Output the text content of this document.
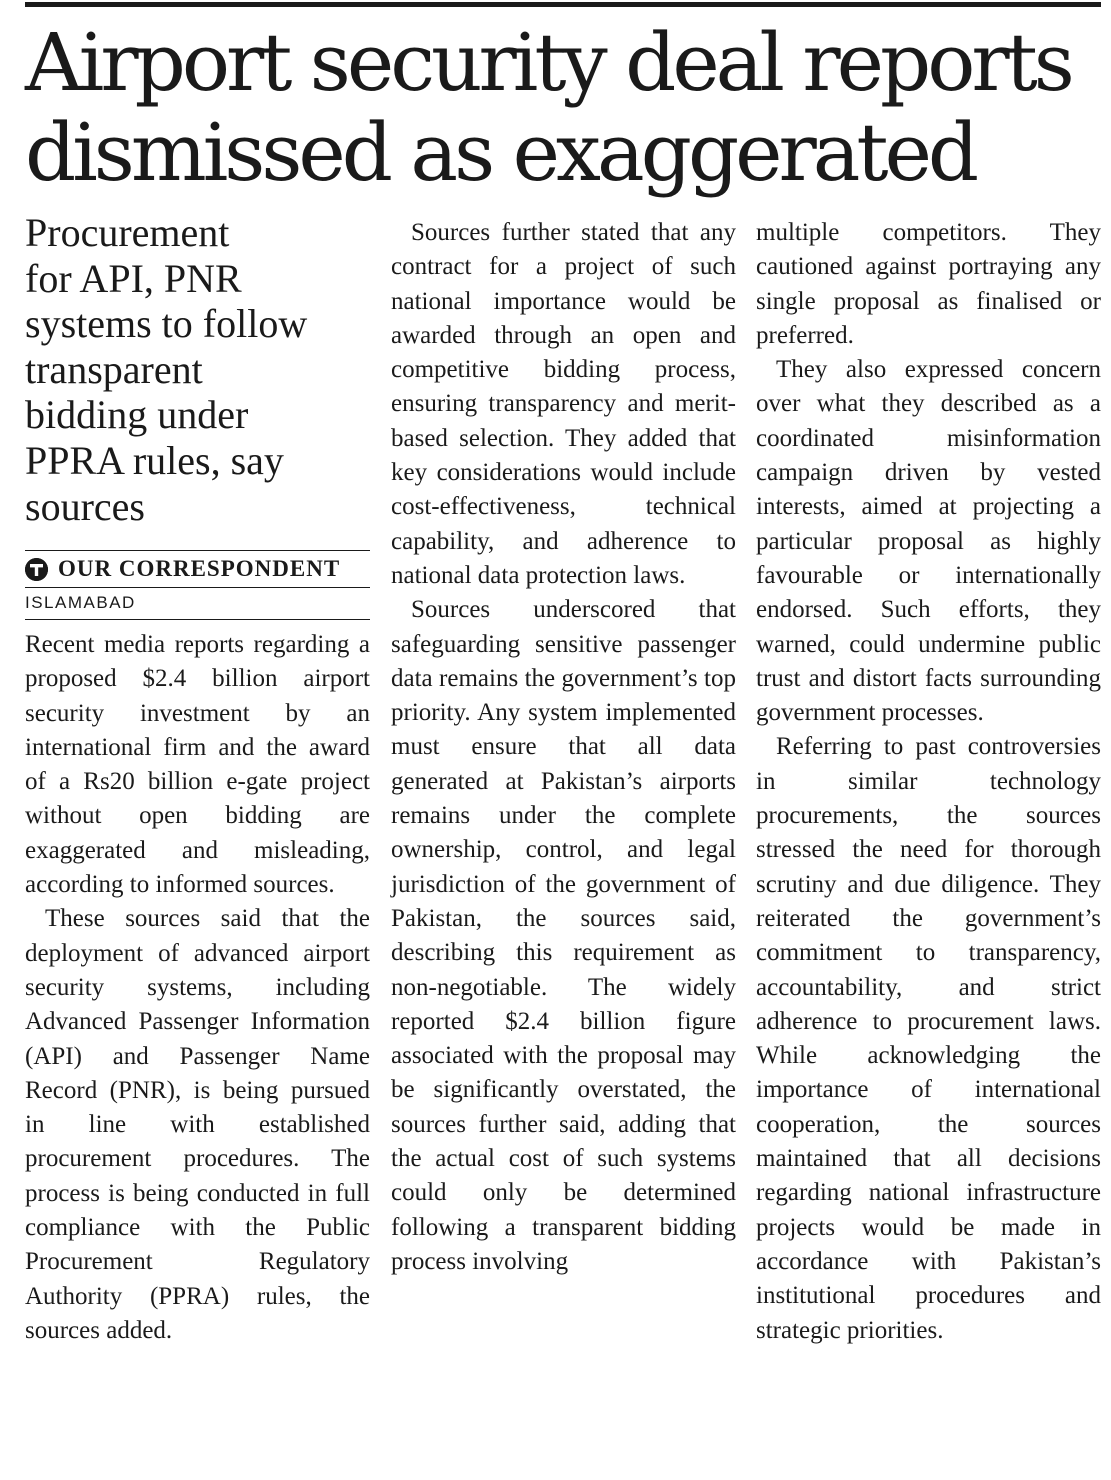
Airport security deal reports
dismissed as exaggerated
Procurement
for API, PNR
systems to follow
transparent
bidding under
PPRA rules, say
sources
OUR CORRESPONDENT
ISLAMABAD

Recent media reports regarding a proposed $2.4 billion airport security investment by an international firm and the award of a Rs20 billion e-gate project without open bidding are exaggerated and misleading, according to informed sources.

These sources said that the deployment of advanced airport security systems, including Advanced Passenger Information (API) and Passenger Name Record (PNR), is being pursued in line with established procurement procedures. The process is being conducted in full compliance with the Public Procurement Regulatory Authority (PPRA) rules, the sources added.

Sources further stated that any contract for a project of such national importance would be awarded through an open and competitive bidding process, ensuring transparency and merit-based selection. They added that key considerations would include cost-effectiveness, technical capability, and adherence to national data protection laws.

Sources underscored that safeguarding sensitive passenger data remains the government’s top priority. Any system implemented must ensure that all data generated at Pakistan’s airports remains under the complete ownership, control, and legal jurisdiction of the government of Pakistan, the sources said, describing this requirement as non-negotiable. The widely reported $2.4 billion figure associated with the proposal may be significantly overstated, the sources further said, adding that the actual cost of such systems could only be determined following a transparent bidding process involving

multiple competitors. They cautioned against portraying any single proposal as finalised or preferred.

They also expressed concern over what they described as a coordinated misinformation campaign driven by vested interests, aimed at projecting a particular proposal as highly favourable or internationally endorsed. Such efforts, they warned, could undermine public trust and distort facts surrounding government processes.

Referring to past controversies in similar technology procurements, the sources stressed the need for thorough scrutiny and due diligence. They reiterated the government’s commitment to transparency, accountability, and strict adherence to procurement laws. While acknowledging the importance of international cooperation, the sources maintained that all decisions regarding national infrastructure projects would be made in accordance with Pakistan’s institutional procedures and strategic priorities.
